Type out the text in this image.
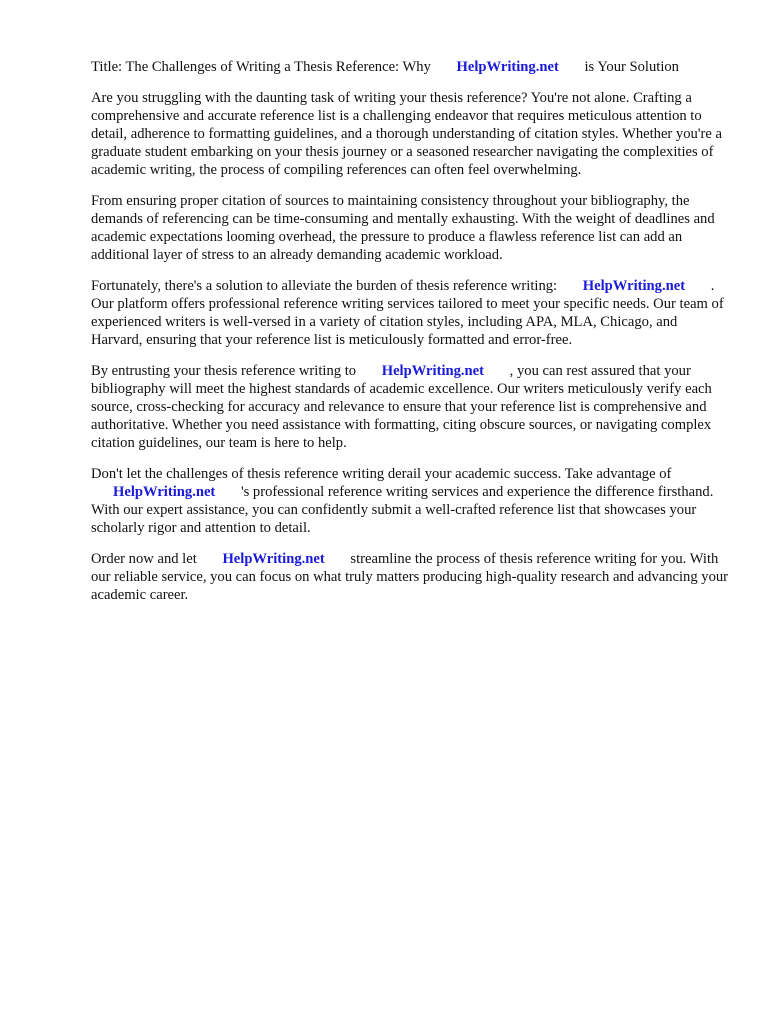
Title: The Challenges of Writing a Thesis Reference: Why HelpWriting.net is Your Solution

Are you struggling with the daunting task of writing your thesis reference? You're not alone. Crafting a comprehensive and accurate reference list is a challenging endeavor that requires meticulous attention to detail, adherence to formatting guidelines, and a thorough understanding of citation styles. Whether you're a graduate student embarking on your thesis journey or a seasoned researcher navigating the complexities of academic writing, the process of compiling references can often feel overwhelming.

From ensuring proper citation of sources to maintaining consistency throughout your bibliography, the demands of referencing can be time-consuming and mentally exhausting. With the weight of deadlines and academic expectations looming overhead, the pressure to produce a flawless reference list can add an additional layer of stress to an already demanding academic workload.

Fortunately, there's a solution to alleviate the burden of thesis reference writing: HelpWriting.net . Our platform offers professional reference writing services tailored to meet your specific needs. Our team of experienced writers is well-versed in a variety of citation styles, including APA, MLA, Chicago, and Harvard, ensuring that your reference list is meticulously formatted and error-free.

By entrusting your thesis reference writing to HelpWriting.net , you can rest assured that your bibliography will meet the highest standards of academic excellence. Our writers meticulously verify each source, cross-checking for accuracy and relevance to ensure that your reference list is comprehensive and authoritative. Whether you need assistance with formatting, citing obscure sources, or navigating complex citation guidelines, our team is here to help.

Don't let the challenges of thesis reference writing derail your academic success. Take advantage of HelpWriting.net 's professional reference writing services and experience the difference firsthand. With our expert assistance, you can confidently submit a well-crafted reference list that showcases your scholarly rigor and attention to detail.

Order now and let HelpWriting.net streamline the process of thesis reference writing for you. With our reliable service, you can focus on what truly matters producing high-quality research and advancing your academic career.
